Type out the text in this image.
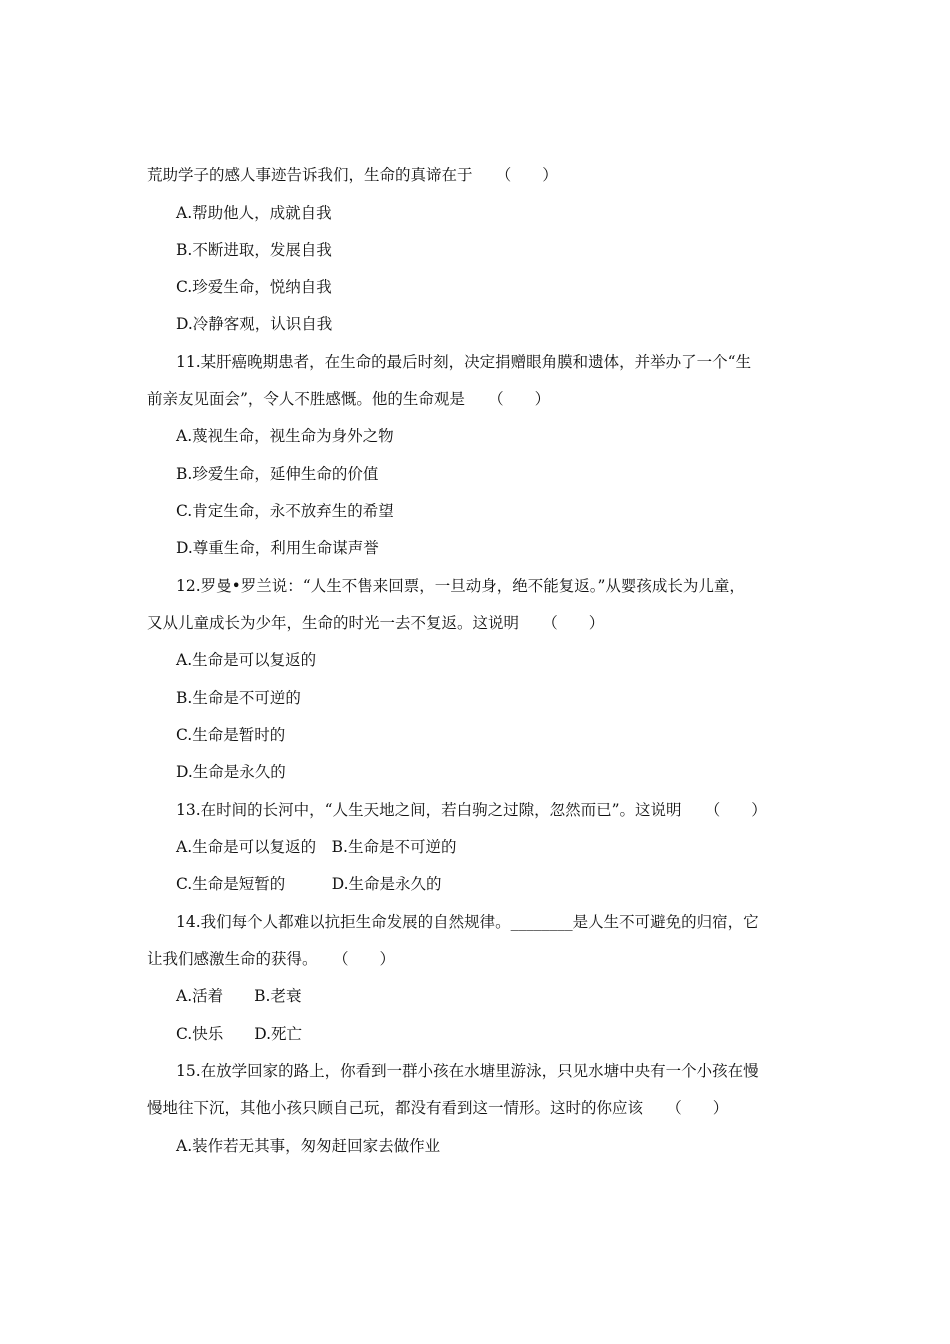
荒助学子的感人事迹告诉我们，生命的真谛在于　　（　　）
A.帮助他人，成就自我
B.不断进取，发展自我
C.珍爱生命，悦纳自我
D.冷静客观，认识自我
11.某肝癌晚期患者，在生命的最后时刻，决定捐赠眼角膜和遗体，并举办了一个“生
前亲友见面会”，令人不胜感慨。他的生命观是　　（　　）
A.蔑视生命，视生命为身外之物
B.珍爱生命，延伸生命的价值
C.肯定生命，永不放弃生的希望
D.尊重生命，利用生命谋声誉
12.罗曼•罗兰说：“人生不售来回票，一旦动身，绝不能复返。”从婴孩成长为儿童，
又从儿童成长为少年，生命的时光一去不复返。这说明　　（　　）
A.生命是可以复返的
B.生命是不可逆的
C.生命是暂时的
D.生命是永久的
13.在时间的长河中，“人生天地之间，若白驹之过隙，忽然而已”。这说明　　（　　）
A.生命是可以复返的　B.生命是不可逆的
C.生命是短暂的　　　D.生命是永久的
14.我们每个人都难以抗拒生命发展的自然规律。________是人生不可避免的归宿，它
让我们感激生命的获得。　　（　　）
A.活着　　B.老衰
C.快乐　　D.死亡
15.在放学回家的路上，你看到一群小孩在水塘里游泳，只见水塘中央有一个小孩在慢
慢地往下沉，其他小孩只顾自己玩，都没有看到这一情形。这时的你应该　　（　　）
A.装作若无其事，匆匆赶回家去做作业
